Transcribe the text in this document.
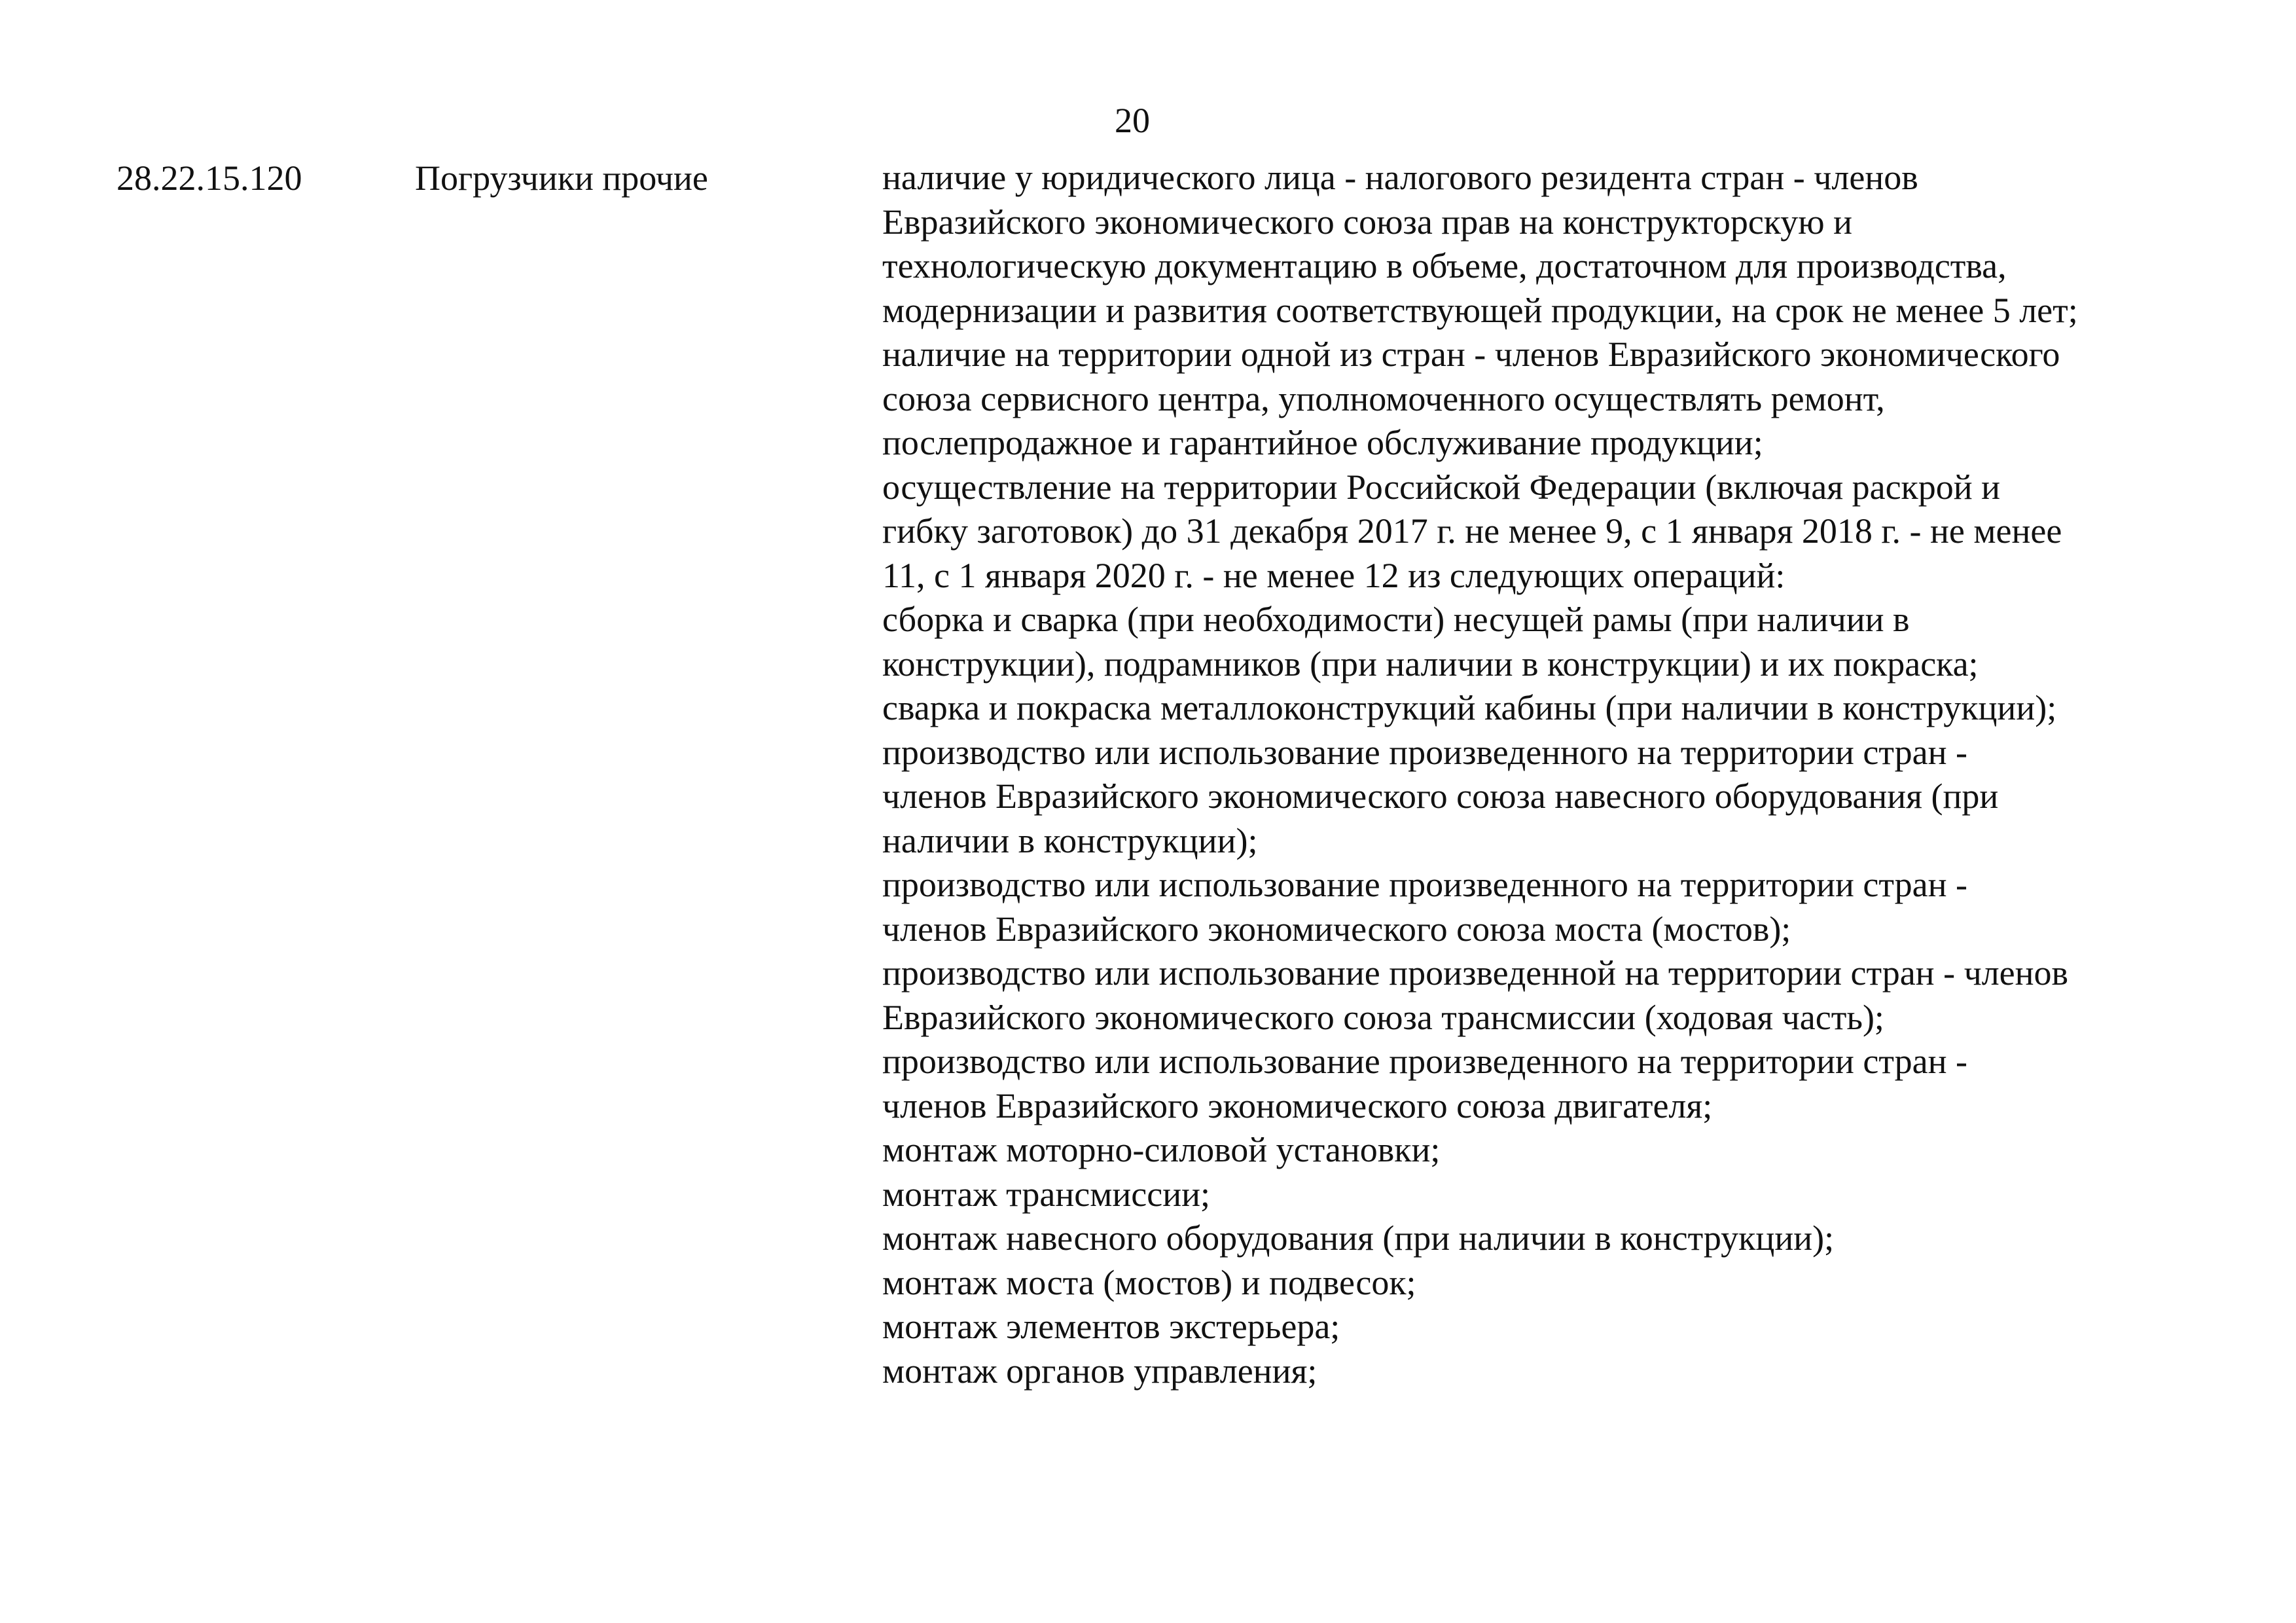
20
28.22.15.120	Погрузчики прочие	наличие у юридического лица - налогового резидента стран - членов
Евразийского экономического союза прав на конструкторскую и
технологическую документацию в объеме, достаточном для производства,
модернизации и развития соответствующей продукции, на срок не менее 5 лет;
наличие на территории одной из стран - членов Евразийского экономического
союза сервисного центра, уполномоченного осуществлять ремонт,
послепродажное и гарантийное обслуживание продукции;
осуществление на территории Российской Федерации (включая раскрой и
гибку заготовок) до 31 декабря 2017 г. не менее 9, с 1 января 2018 г. - не менее
11, с 1 января 2020 г. - не менее 12 из следующих операций:
сборка и сварка (при необходимости) несущей рамы (при наличии в
конструкции), подрамников (при наличии в конструкции) и их покраска;
сварка и покраска металлоконструкций кабины (при наличии в конструкции);
производство или использование произведенного на территории стран -
членов Евразийского экономического союза навесного оборудования (при
наличии в конструкции);
производство или использование произведенного на территории стран -
членов Евразийского экономического союза моста (мостов);
производство или использование произведенной на территории стран - членов
Евразийского экономического союза трансмиссии (ходовая часть);
производство или использование произведенного на территории стран -
членов Евразийского экономического союза двигателя;
монтаж моторно-силовой установки;
монтаж трансмиссии;
монтаж навесного оборудования (при наличии в конструкции);
монтаж моста (мостов) и подвесок;
монтаж элементов экстерьера;
монтаж органов управления;
